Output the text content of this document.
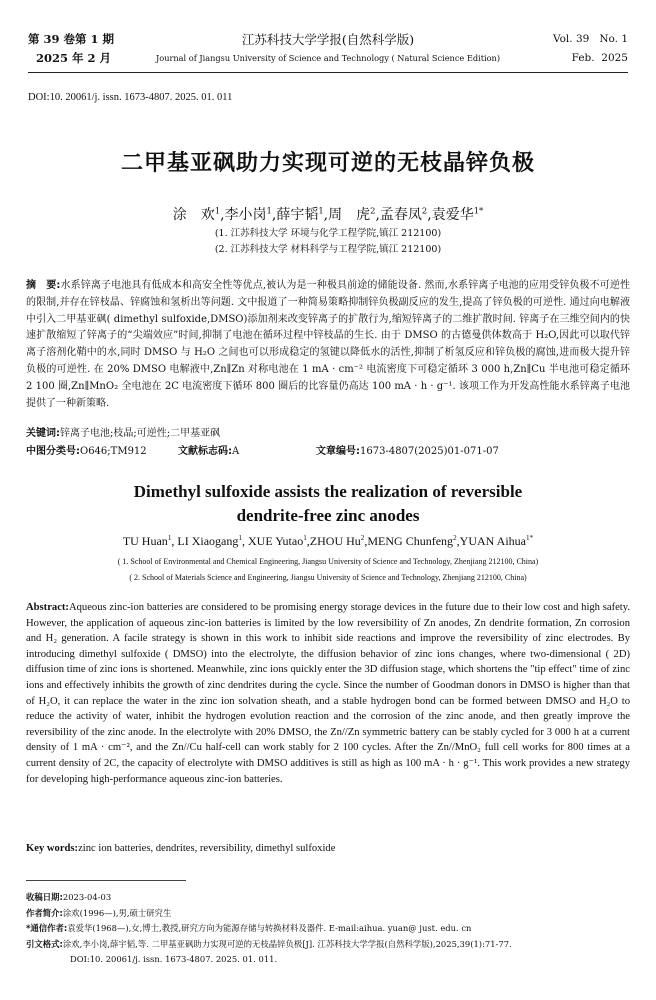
第 39 卷第 1 期
2025 年 2 月
江苏科技大学学报(自然科学版)
Journal of Jiangsu University of Science and Technology ( Natural Science Edition)
Vol. 39   No. 1
Feb.  2025
DOI:10. 20061/j. issn. 1673-4807. 2025. 01. 011
二甲基亚砜助力实现可逆的无枝晶锌负极
涂　欢$^1$,李小岗$^1$,薛宇韬$^1$,周　虎$^2$,孟春凤$^2$,袁爱华$^{1*}$
(1. 江苏科技大学 环境与化学工程学院,镇江 212100)
(2. 江苏科技大学 材料科学与工程学院,镇江 212100)
摘　要:水系锌离子电池具有低成本和高安全性等优点,被认为是一种极具前途的储能设备. 然而,水系锌离子电池的应用受锌负极不可逆性的限制,并存在锌枝晶、锌腐蚀和氢析出等问题. 文中报道了一种简易策略抑制锌负极副反应的发生,提高了锌负极的可逆性. 通过向电解液中引入二甲基亚砜( dimethyl sulfoxide,DMSO)添加剂来改变锌离子的扩散行为,缩短锌离子的二维扩散时间. 锌离子在三维空间内的快速扩散缩短了锌离子的“尖端效应”时间,抑制了电池在循环过程中锌枝晶的生长. 由于 DMSO 的古德曼供体数高于 H₂O,因此可以取代锌离子溶剂化鞘中的水,同时 DMSO 与 H₂O 之间也可以形成稳定的氢键以降低水的活性,抑制了析氢反应和锌负极的腐蚀,进而极大提升锌负极的可逆性. 在 20% DMSO 电解液中,Zn∥Zn 对称电池在 1 mA · cm⁻² 电流密度下可稳定循环 3 000 h,Zn∥Cu 半电池可稳定循环 2 100 圈,Zn∥MnO₂ 全电池在 2C 电流密度下循环 800 圈后的比容量仍高达 100 mA · h · g⁻¹. 该项工作为开发高性能水系锌离子电池提供了一种新策略.
关键词:锌离子电池;枝晶;可逆性;二甲基亚砜
中图分类号:O646;TM912	文献标志码:A	文章编号:1673-4807(2025)01-071-07
Dimethyl sulfoxide assists the realization of reversible
dendrite-free zinc anodes
TU Huan$^1$, LI Xiaogang$^1$, XUE Yutao$^1$,ZHOU Hu$^2$,MENG Chunfeng$^2$,YUAN Aihua$^{1*}$
( 1. School of Environmental and Chemical Engineering, Jiangsu University of Science and Technology, Zhenjiang 212100, China)
( 2. School of Materials Science and Engineering, Jiangsu University of Science and Technology, Zhenjiang 212100, China)
Abstract:Aqueous zinc-ion batteries are considered to be promising energy storage devices in the future due to their low cost and high safety. However, the application of aqueous zinc-ion batteries is limited by the low reversibility of Zn anodes, Zn dendrite formation, Zn corrosion and H₂ generation. A facile strategy is shown in this work to inhibit side reactions and improve the reversibility of zinc electrodes. By introducing dimethyl sulfoxide ( DMSO) into the electrolyte, the diffusion behavior of zinc ions changes, where two-dimensional ( 2D) diffusion time of zinc ions is shortened. Meanwhile, zinc ions quickly enter the 3D diffusion stage, which shortens the "tip effect" time of zinc ions and effectively inhibits the growth of zinc dendrites during the cycle. Since the number of Goodman donors in DMSO is higher than that of H₂O, it can replace the water in the zinc ion solvation sheath, and a stable hydrogen bond can be formed between DMSO and H₂O to reduce the activity of water, inhibit the hydrogen evolution reaction and the corrosion of the zinc anode, and then greatly improve the reversibility of the zinc anode. In the electrolyte with 20% DMSO, the Zn//Zn symmetric battery can be stably cycled for 3 000 h at a current density of 1 mA · cm⁻², and the Zn//Cu half-cell can work stably for 2 100 cycles. After the Zn//MnO₂ full cell works for 800 times at a current density of 2C, the capacity of electrolyte with DMSO additives is still as high as 100 mA · h · g⁻¹. This work provides a new strategy for developing high-performance aqueous zinc-ion batteries.
Key words:zinc ion batteries, dendrites, reversibility, dimethyl sulfoxide
收稿日期:2023-04-03
作者简介:涂欢(1996—),男,硕士研究生
*通信作者:袁爱华(1968—),女,博士,教授,研究方向为能源存储与转换材料及器件. E-mail:aihua. yuan@ just. edu. cn
引文格式:涂欢,李小岗,薛宇韬,等. 二甲基亚砜助力实现可逆的无枝晶锌负极[J]. 江苏科技大学学报(自然科学版),2025,39(1):71-77.
DOI:10. 20061/j. issn. 1673-4807. 2025. 01. 011.
